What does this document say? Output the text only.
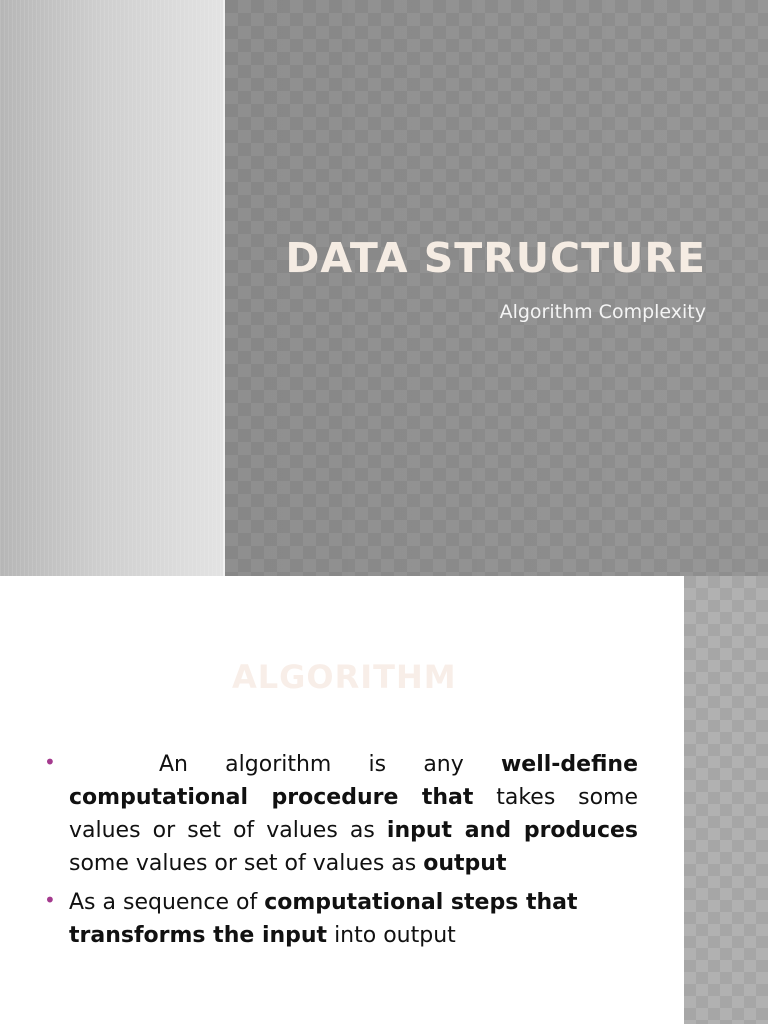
DATA STRUCTURE

Algorithm Complexity

ALGORITHM
•	An algorithm is any well-define computational procedure that takes some values or set of values as input and produces some values or set of values as output
• As a sequence of computational steps that transforms the input into output
